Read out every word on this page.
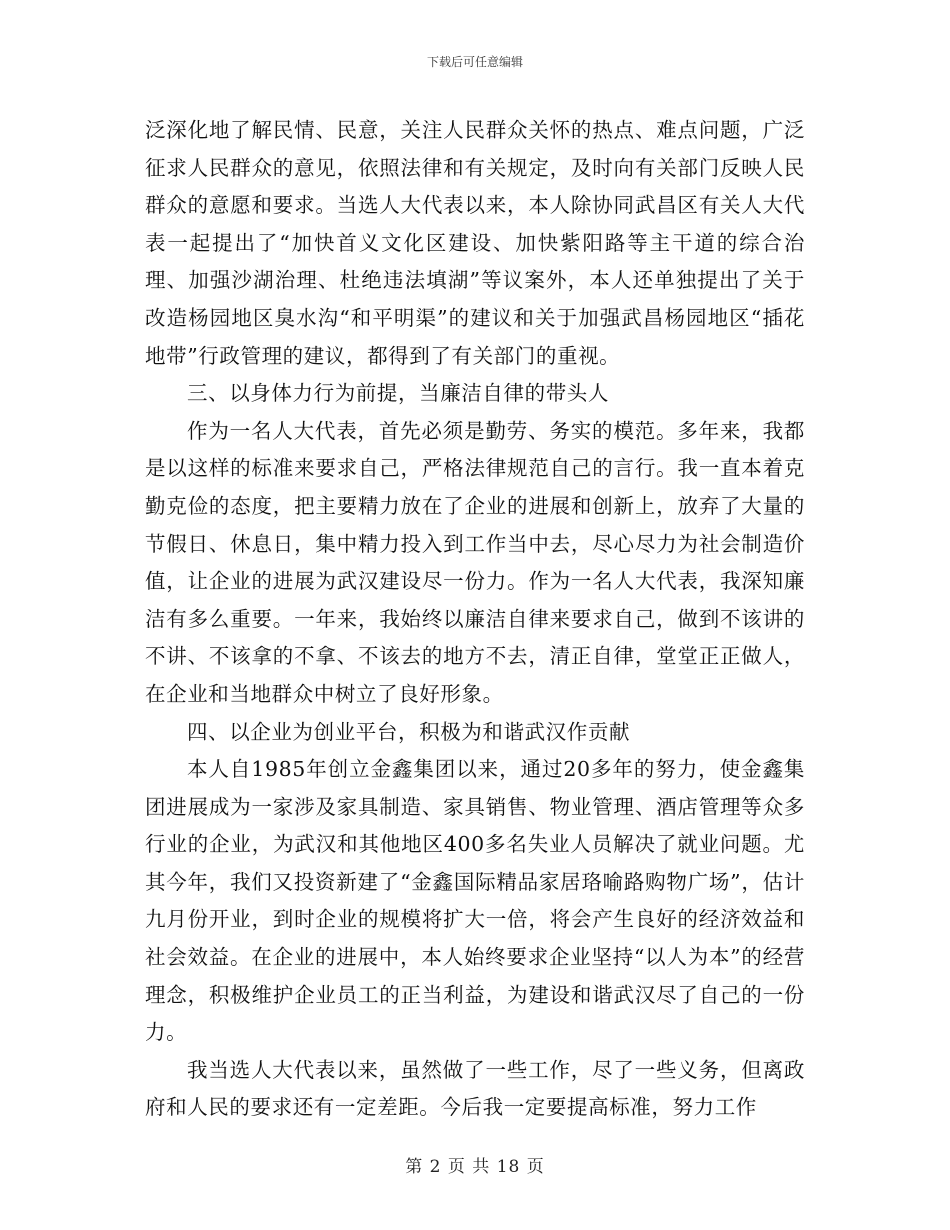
下载后可任意编辑

泛深化地了解民情、民意，关注人民群众关怀的热点、难点问题，广泛征求人民群众的意见，依照法律和有关规定，及时向有关部门反映人民群众的意愿和要求。当选人大代表以来，本人除协同武昌区有关人大代表一起提出了“加快首义文化区建设、加快紫阳路等主干道的综合治理、加强沙湖治理、杜绝违法填湖”等议案外，本人还单独提出了关于改造杨园地区臭水沟“和平明渠”的建议和关于加强武昌杨园地区“插花地带”行政管理的建议，都得到了有关部门的重视。

三、以身体力行为前提，当廉洁自律的带头人

作为一名人大代表，首先必须是勤劳、务实的模范。多年来，我都是以这样的标准来要求自己，严格法律规范自己的言行。我一直本着克勤克俭的态度，把主要精力放在了企业的进展和创新上，放弃了大量的节假日、休息日，集中精力投入到工作当中去，尽心尽力为社会制造价值，让企业的进展为武汉建设尽一份力。作为一名人大代表，我深知廉洁有多么重要。一年来，我始终以廉洁自律来要求自己，做到不该讲的不讲、不该拿的不拿、不该去的地方不去，清正自律，堂堂正正做人，在企业和当地群众中树立了良好形象。

四、以企业为创业平台，积极为和谐武汉作贡献

本人自1985年创立金鑫集团以来，通过20多年的努力，使金鑫集团进展成为一家涉及家具制造、家具销售、物业管理、酒店管理等众多行业的企业，为武汉和其他地区400多名失业人员解决了就业问题。尤其今年，我们又投资新建了“金鑫国际精品家居珞喻路购物广场”，估计九月份开业，到时企业的规模将扩大一倍，将会产生良好的经济效益和社会效益。在企业的进展中，本人始终要求企业坚持“以人为本”的经营理念，积极维护企业员工的正当利益，为建设和谐武汉尽了自己的一份力。

我当选人大代表以来，虽然做了一些工作，尽了一些义务，但离政府和人民的要求还有一定差距。今后我一定要提高标准，努力工作

第 2 页 共 18 页
